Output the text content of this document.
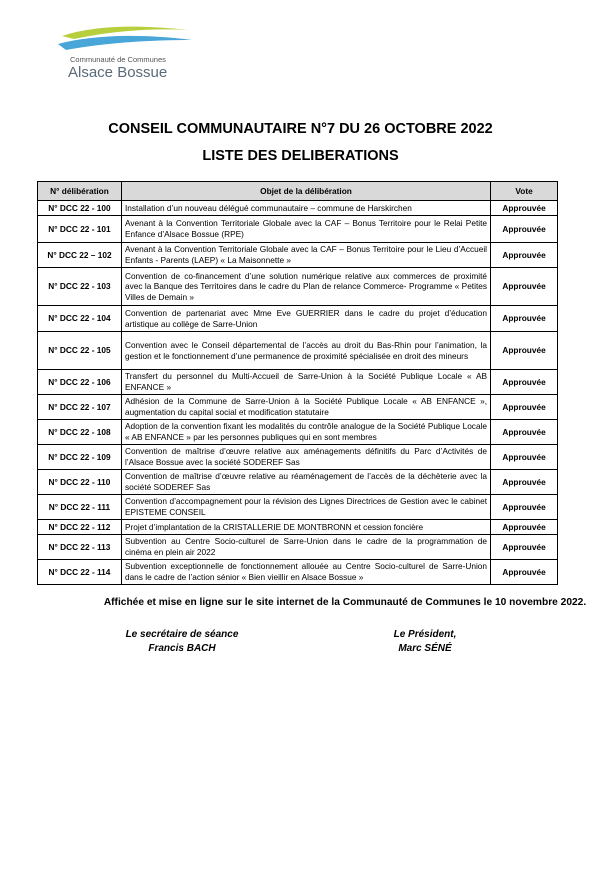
Communauté de Communes
Alsace Bossue
CONSEIL COMMUNAUTAIRE N°7 DU 26 OCTOBRE 2022
LISTE DES DELIBERATIONS
N° délibération	Objet de la délibération	Vote
N° DCC 22 - 100	Installation d’un nouveau délégué communautaire – commune de Harskirchen	Approuvée
N° DCC 22 - 101	Avenant à la Convention Territoriale Globale avec la CAF – Bonus Territoire pour le Relai Petite Enfance d’Alsace Bossue (RPE)	Approuvée
N° DCC 22 – 102	Avenant à la Convention Territoriale Globale avec la CAF – Bonus Territoire pour le Lieu d’Accueil Enfants - Parents (LAEP) « La Maisonnette »	Approuvée
N° DCC 22 - 103	Convention de co-financement d’une solution numérique relative aux commerces de proximité avec la Banque des Territoires dans le cadre du Plan de relance Commerce- Programme « Petites Villes de Demain »	Approuvée
N° DCC 22 - 104	Convention de partenariat avec Mme Eve GUERRIER dans le cadre du projet d’éducation artistique au collège de Sarre-Union	Approuvée
N° DCC 22 - 105	Convention avec le Conseil départemental de l’accès au droit du Bas-Rhin pour l’animation, la gestion et le fonctionnement d’une permanence de proximité spécialisée en droit des mineurs	Approuvée
N° DCC 22 - 106	Transfert du personnel du Multi-Accueil de Sarre-Union à la Société Publique Locale « AB ENFANCE »	Approuvée
N° DCC 22 - 107	Adhésion de la Commune de Sarre-Union à la Société Publique Locale « AB ENFANCE », augmentation du capital social et modification statutaire	Approuvée
N° DCC 22 - 108	Adoption de la convention fixant les modalités du contrôle analogue de la Société Publique Locale « AB ENFANCE » par les personnes publiques qui en sont membres	Approuvée
N° DCC 22 - 109	Convention de maîtrise d’œuvre relative aux aménagements définitifs du Parc d’Activités de l’Alsace Bossue avec la société SODEREF Sas	Approuvée
N° DCC 22 - 110	Convention de maîtrise d’œuvre relative au réaménagement de l’accès de la déchèterie avec la société SODEREF Sas	Approuvée
N° DCC 22 - 111	Convention d’accompagnement pour la révision des Lignes Directrices de Gestion avec le cabinet EPISTEME CONSEIL	Approuvée
N° DCC 22 - 112	Projet d’implantation de la CRISTALLERIE DE MONTBRONN et cession foncière	Approuvée
N° DCC 22 - 113	Subvention au Centre Socio-culturel de Sarre-Union dans le cadre de la programmation de cinéma en plein air 2022	Approuvée
N° DCC 22 - 114	Subvention exceptionnelle de fonctionnement allouée au Centre Socio-culturel de Sarre-Union dans le cadre de l’action sénior « Bien vieillir en Alsace Bossue »	Approuvée
Affichée et mise en ligne sur le site internet de la Communauté de Communes le 10 novembre 2022.
Le secrétaire de séance
Francis BACH
Le Président,
Marc SÉNÉ
